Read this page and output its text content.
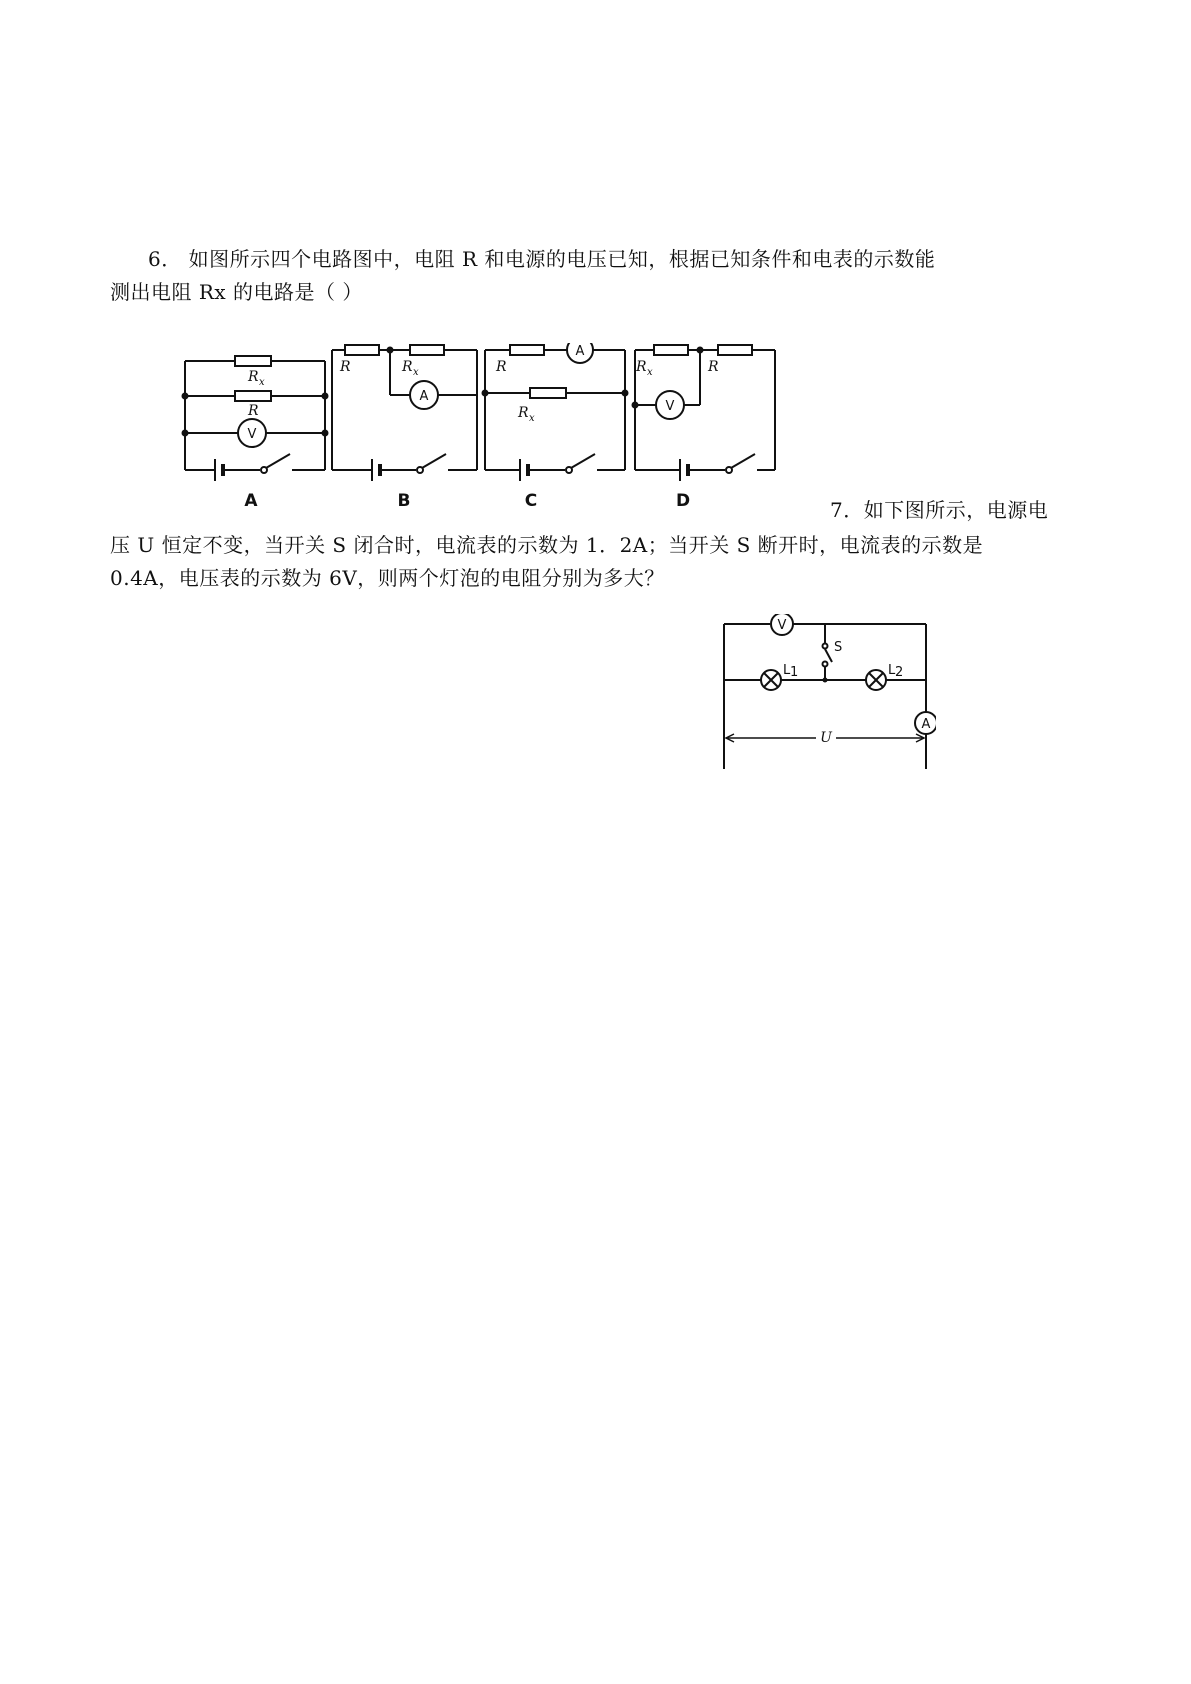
6． 如图所示四个电路图中，电阻 R 和电源的电压已知，根据已知条件和电表的示数能
测出电阻 Rx 的电路是（ ）
R x
R
V
A
R	R x
A
B
R
A
R x
C
R x	R
V
D	7．如下图所示，电源电
压 U 恒定不变，当开关 S 闭合时，电流表的示数为 1．2A；当开关 S 断开时，电流表的示数是
0.4A，电压表的示数为 6V，则两个灯泡的电阻分别为多大？
V
A
S
L 1	L 2
U
